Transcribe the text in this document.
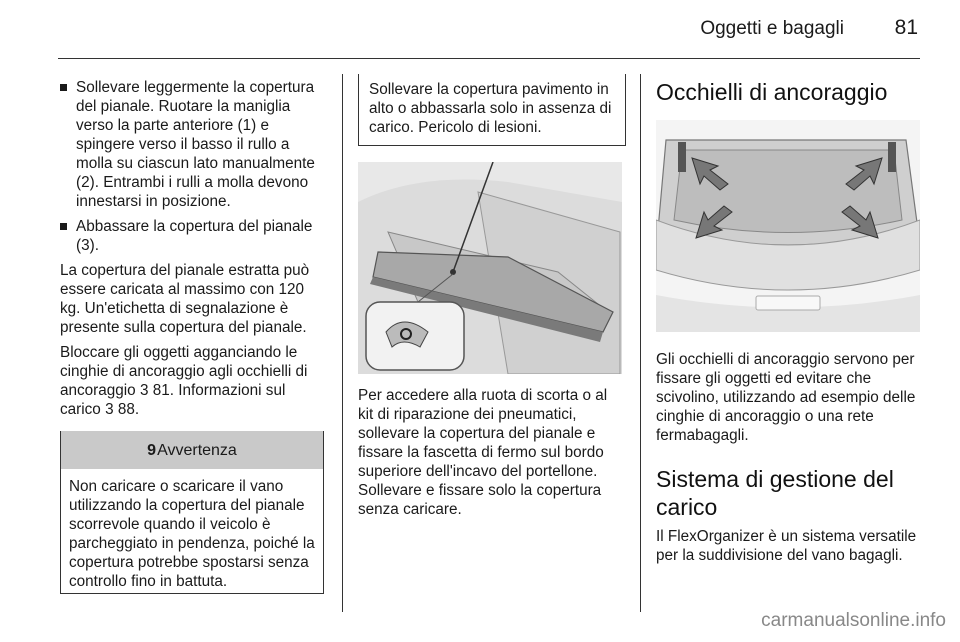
Oggetti e bagagli 81
Sollevare leggermente la copertura del pianale. Ruotare la maniglia verso la parte anteriore (1) e spingere verso il basso il rullo a molla su ciascun lato manualmente (2). Entrambi i rulli a molla devono innestarsi in posizione.
Abbassare la copertura del pianale (3).

La copertura del pianale estratta può essere caricata al massimo con 120 kg. Un'etichetta di segnalazione è presente sulla copertura del pianale.

Bloccare gli oggetti agganciando le cinghie di ancoraggio agli occhielli di ancoraggio 3 81. Informazioni sul carico 3 88.

9 Avvertenza
Non caricare o scaricare il vano utilizzando la copertura del pianale scorrevole quando il veicolo è parcheggiato in pendenza, poiché la copertura potrebbe spostarsi senza controllo fino in battuta.
Sollevare la copertura pavimento in alto o abbassarla solo in assenza di carico. Pericolo di lesioni.

Per accedere alla ruota di scorta o al kit di riparazione dei pneumatici, sollevare la copertura del pianale e fissare la fascetta di fermo sul bordo superiore dell'incavo del portellone. Sollevare e fissare solo la copertura senza caricare.

Occhielli di ancoraggio

Gli occhielli di ancoraggio servono per fissare gli oggetti ed evitare che scivolino, utilizzando ad esempio delle cinghie di ancoraggio o una rete fermabagagli.

Sistema di gestione del carico

Il FlexOrganizer è un sistema versatile per la suddivisione del vano bagagli.

carmanualsonline.info
